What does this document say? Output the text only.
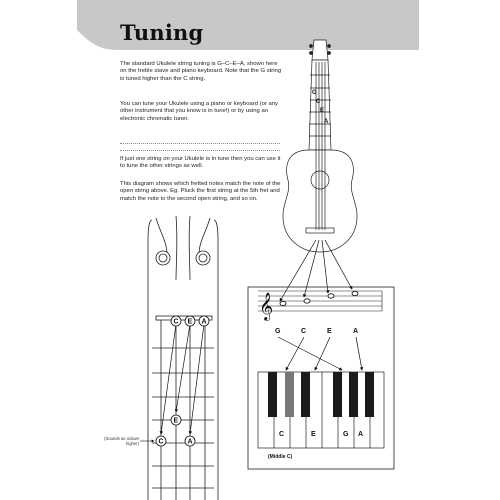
Tuning

The standard Ukulele string tuning is G–C–E–A, shown here on the treble stave and piano keyboard. Note that the G string is tuned higher than the C string.

You can tune your Ukulele using a piano or keyboard (or any other instrument that you know is in tune!) or by using an electronic chromatic tuner.

If just one string on your Ukulele is in tune then you can use it to tune the other strings as well.

This diagram shows which fretted notes match the note of the open string above. Eg. Pluck the first string at the 5th fret and match the note to the second open string, and so on.

G
C
E
A
𝄞
G	C	E	A
C	E	G A
C E A
E
C	A
(Sounds an octave higher)
(Middle C)
